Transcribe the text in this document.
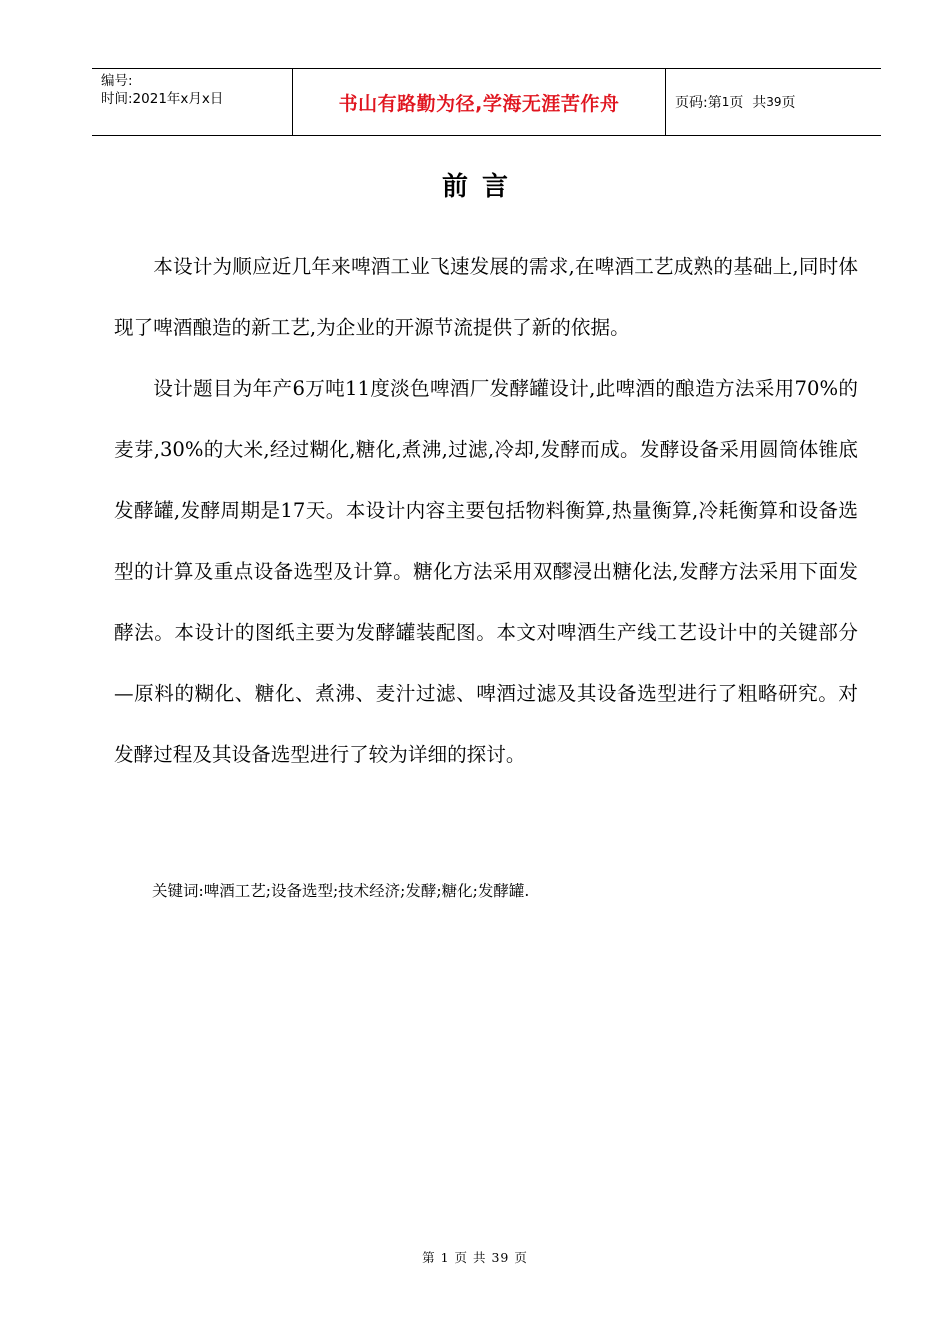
编号:
时间:2021年x月x日	书山有路勤为径,学海无涯苦作舟	页码:第 1 页  共 39 页
前言

本设计为顺应近几年来啤酒工业飞速发展的需求,在啤酒工艺成熟的基础上,同时体现了啤酒酿造的新工艺,为企业的开源节流提供了新的依据。

设计题目为年产6万吨11度淡色啤酒厂发酵罐设计,此啤酒的酿造方法采用70%的麦芽,30%的大米,经过糊化,糖化,煮沸,过滤,冷却,发酵而成。发酵设备采用圆筒体锥底发酵罐,发酵周期是17天。本设计内容主要包括物料衡算,热量衡算,冷耗衡算和设备选型的计算及重点设备选型及计算。糖化方法采用双醪浸出糖化法,发酵方法采用下面发酵法。本设计的图纸主要为发酵罐装配图。本文对啤酒生产线工艺设计中的关键部分—原料的糊化、糖化、煮沸、麦汁过滤、啤酒过滤及其设备选型进行了粗略研究。对发酵过程及其设备选型进行了较为详细的探讨。

关键词:啤酒工艺;设备选型;技术经济;发酵;糖化;发酵罐.
第 1 页 共 39 页
